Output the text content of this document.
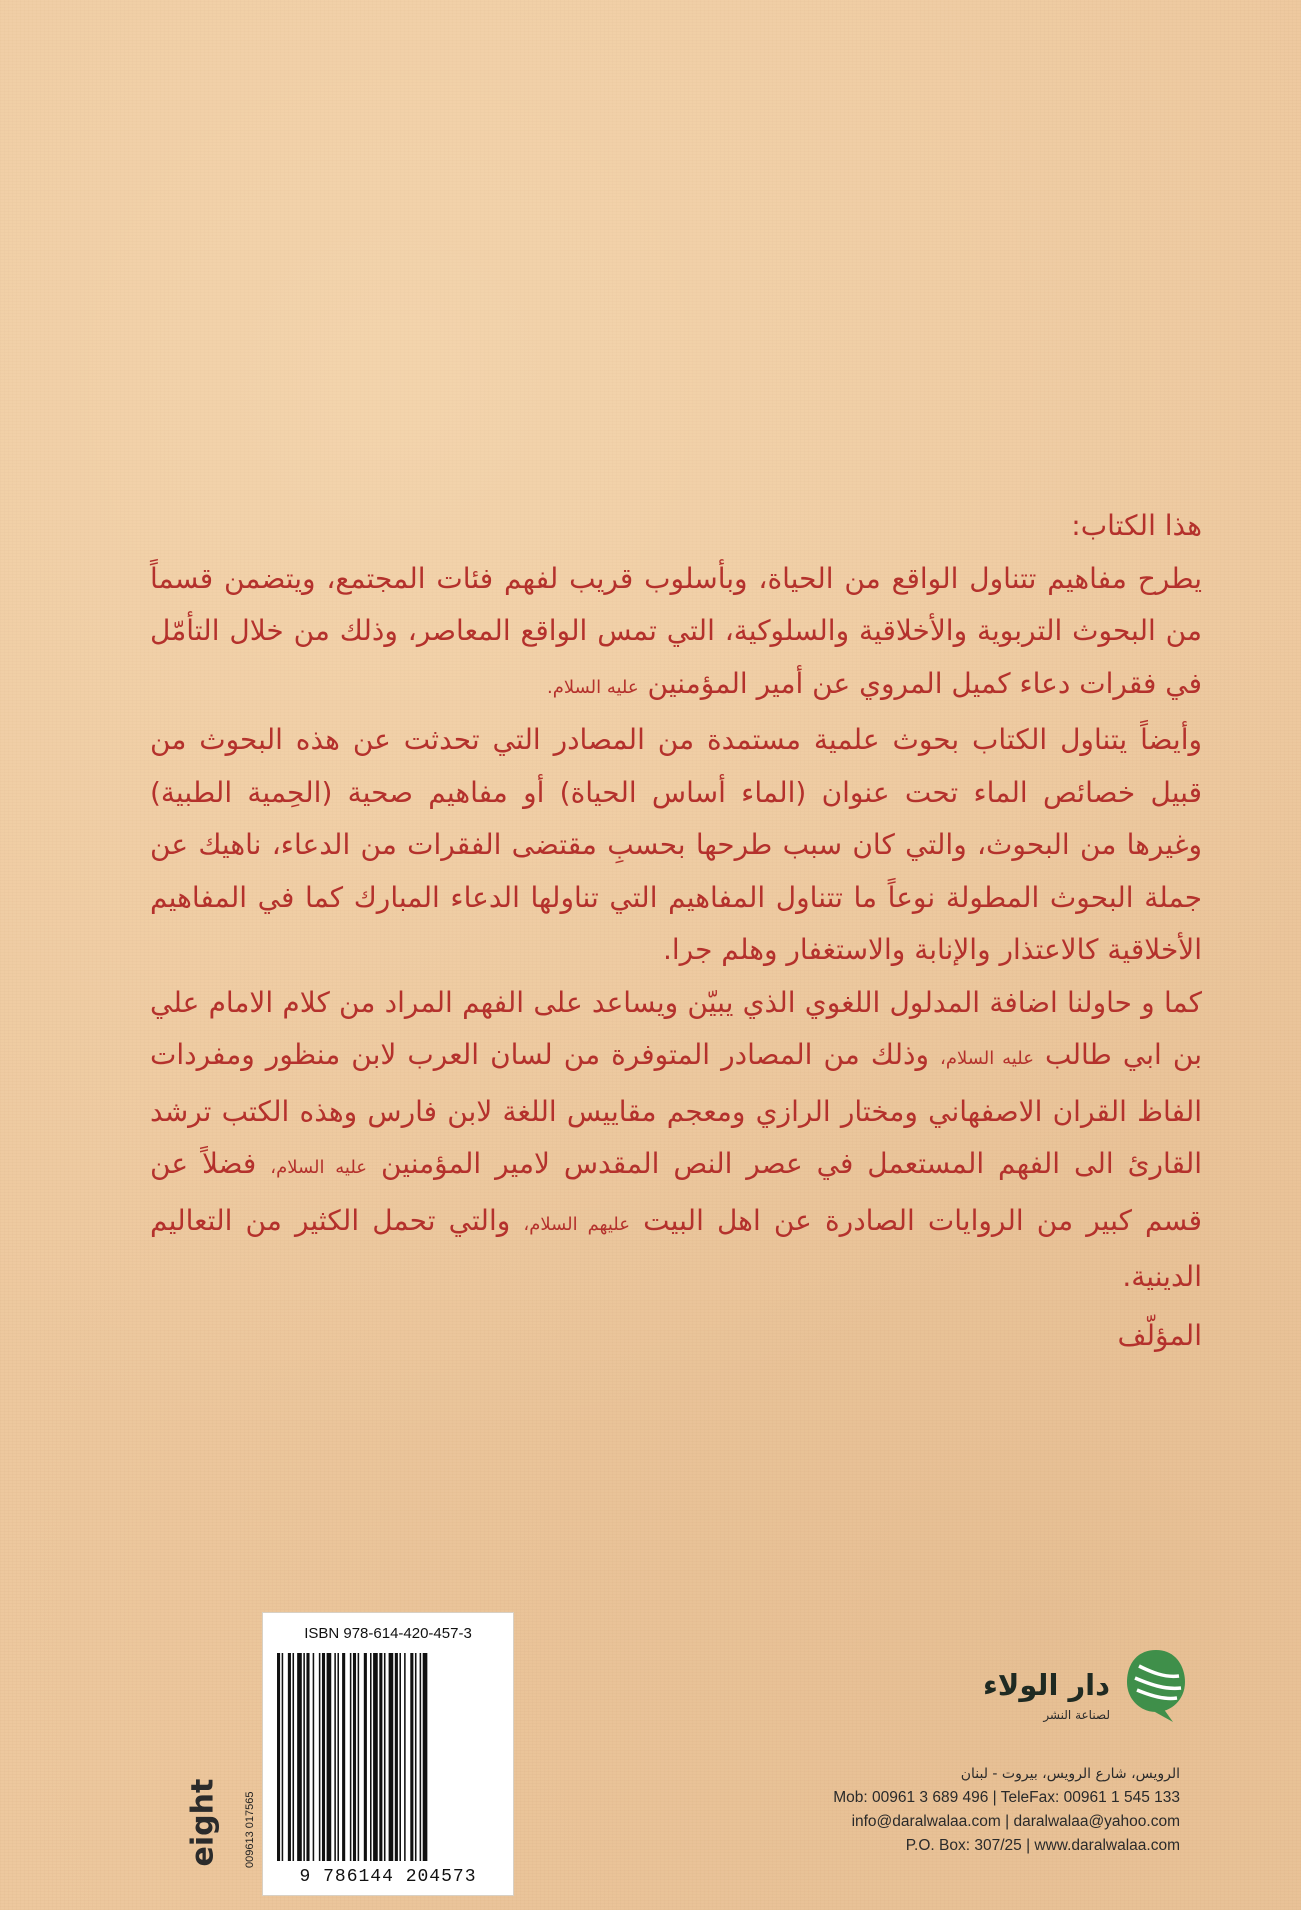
هذا الكتاب:

يطرح مفاهيم تتناول الواقع من الحياة، وبأسلوب قريب لفهم فئات المجتمع، ويتضمن قسماً من البحوث التربوية والأخلاقية والسلوكية، التي تمس الواقع المعاصر، وذلك من خلال التأمّل في فقرات دعاء كميل المروي عن أمير المؤمنين عليه السلام.

وأيضاً يتناول الكتاب بحوث علمية مستمدة من المصادر التي تحدثت عن هذه البحوث من قبيل خصائص الماء تحت عنوان (الماء أساس الحياة) أو مفاهيم صحية (الحِمية الطبية) وغيرها من البحوث، والتي كان سبب طرحها بحسبِ مقتضى الفقرات من الدعاء، ناهيك عن جملة البحوث المطولة نوعاً ما تتناول المفاهيم التي تناولها الدعاء المبارك كما في المفاهيم الأخلاقية كالاعتذار والإنابة والاستغفار وهلم جرا.

كما و حاولنا اضافة المدلول اللغوي الذي يبيّن ويساعد على الفهم المراد من كلام الامام علي بن ابي طالب عليه السلام، وذلك من المصادر المتوفرة من لسان العرب لابن منظور ومفردات الفاظ القران الاصفهاني ومختار الرازي ومعجم مقاييس اللغة لابن فارس وهذه الكتب ترشد القارئ الى الفهم المستعمل في عصر النص المقدس لامير المؤمنين عليه السلام، فضلاً عن قسم كبير من الروايات الصادرة عن اهل البيت عليهم السلام، والتي تحمل الكثير من التعاليم الدينية.

المؤلّف

ISBN 978-614-420-457-3
9 786144 204573
eight 009613 017565
دار الولاء
لصناعة النشر
الرويس، شارع الرويس، بيروت - لبنان
Mob: 00961 3 689 496 | TeleFax: 00961 1 545 133
info@daralwalaa.com | daralwalaa@yahoo.com
P.O. Box: 307/25 | www.daralwalaa.com
